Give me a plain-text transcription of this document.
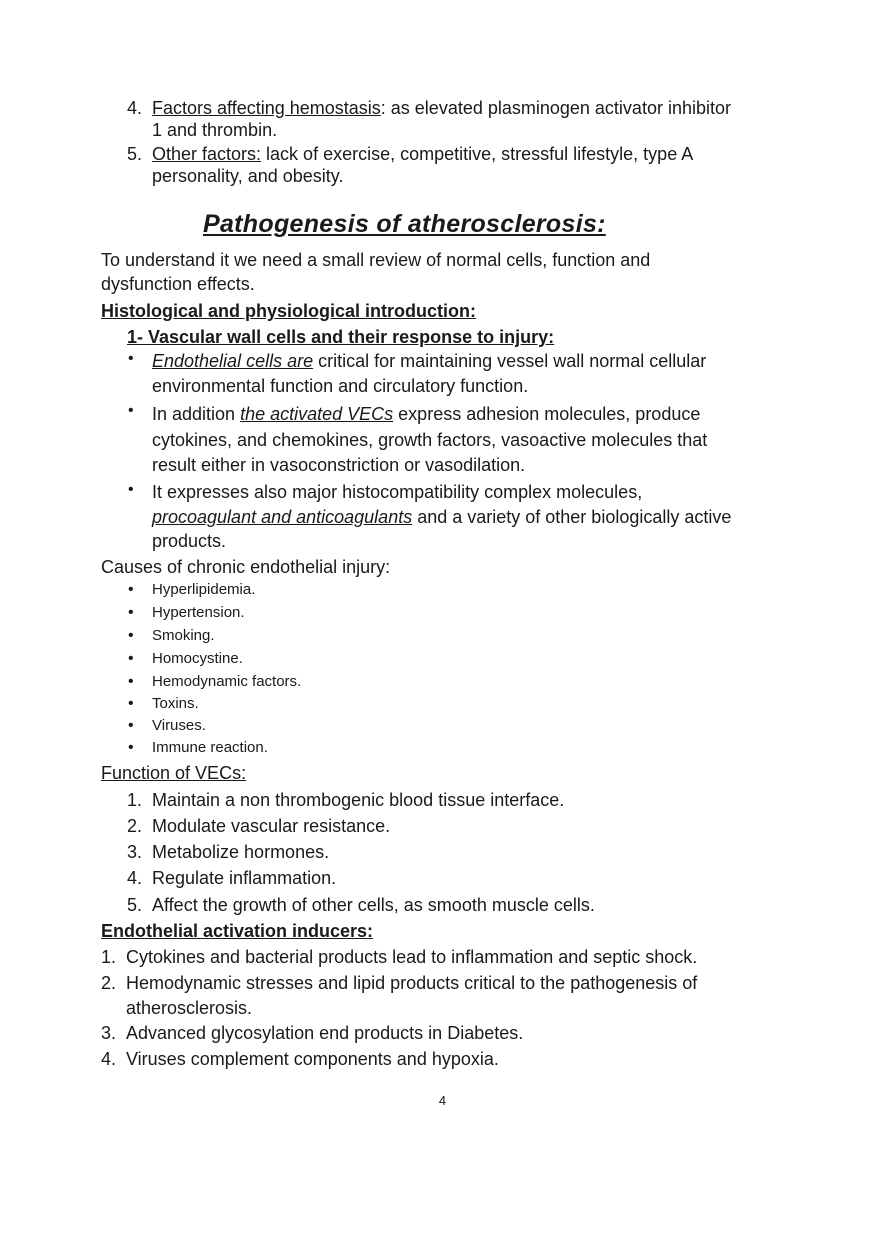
4. Factors affecting hemostasis: as elevated plasminogen activator inhibitor
1 and thrombin.
5. Other factors: lack of exercise, competitive, stressful lifestyle, type A
personality, and obesity.
Pathogenesis of atherosclerosis:
To understand it we need a small review of normal cells, function and
dysfunction effects.
Histological and physiological introduction:
1- Vascular wall cells and their response to injury:
• Endothelial cells are critical for maintaining vessel wall normal cellular
environmental function and circulatory function.
• In addition the activated VECs express adhesion molecules, produce
cytokines, and chemokines, growth factors, vasoactive molecules that
result either in vasoconstriction or vasodilation.
• It expresses also major histocompatibility complex molecules,
procoagulant and anticoagulants and a variety of other biologically active
products.
Causes of chronic endothelial injury:
• Hyperlipidemia.
• Hypertension.
• Smoking.
• Homocystine.
• Hemodynamic factors.
• Toxins.
• Viruses.
• Immune reaction.
Function of VECs:
1. Maintain a non thrombogenic blood tissue interface.
2. Modulate vascular resistance.
3. Metabolize hormones.
4. Regulate inflammation.
5. Affect the growth of other cells, as smooth muscle cells.
Endothelial activation inducers:
1. Cytokines and bacterial products lead to inflammation and septic shock.
2. Hemodynamic stresses and lipid products critical to the pathogenesis of
atherosclerosis.
3. Advanced glycosylation end products in Diabetes.
4. Viruses complement components and hypoxia.
4
